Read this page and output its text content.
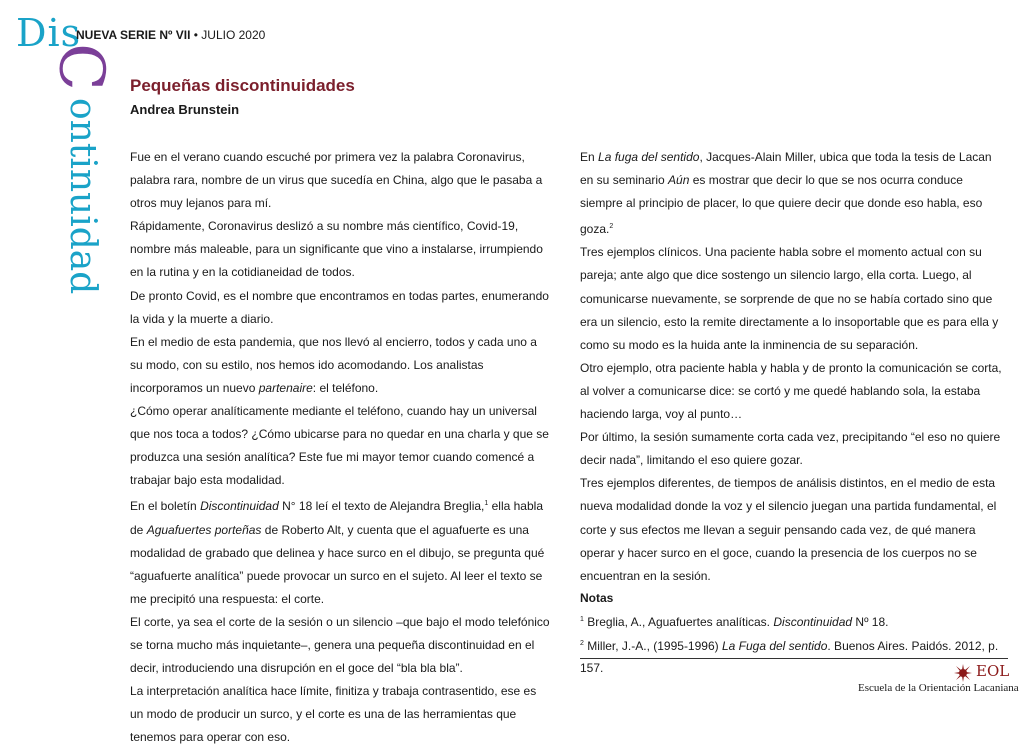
Dis
C
ontinuidad
NUEVA SERIE Nº VII • JULIO 2020
Pequeñas discontinuidades
Andrea Brunstein

Fue en el verano cuando escuché por primera vez la palabra Coronavirus, palabra rara, nombre de un virus que sucedía en China, algo que le pasaba a otros muy lejanos para mí.

Rápidamente, Coronavirus deslizó a su nombre más científico, Covid-19, nombre más maleable, para un significante que vino a instalarse, irrumpiendo en la rutina y en la cotidianeidad de todos.

De pronto Covid, es el nombre que encontramos en todas partes, enumerando la vida y la muerte a diario.

En el medio de esta pandemia, que nos llevó al encierro, todos y cada uno a su modo, con su estilo, nos hemos ido acomodando. Los analistas incorporamos un nuevo partenaire: el teléfono.

¿Cómo operar analíticamente mediante el teléfono, cuando hay un universal que nos toca a todos? ¿Cómo ubicarse para no quedar en una charla y que se produzca una sesión analítica? Este fue mi mayor temor cuando comencé a trabajar bajo esta modalidad.

En el boletín Discontinuidad N° 18 leí el texto de Alejandra Breglia,$^1$ ella habla de Aguafuertes porteñas de Roberto Alt, y cuenta que el aguafuerte es una modalidad de grabado que delinea y hace surco en el dibujo, se pregunta qué “aguafuerte analítica” puede provocar un surco en el sujeto. Al leer el texto se me precipitó una respuesta: el corte.

El corte, ya sea el corte de la sesión o un silencio –que bajo el modo telefónico se torna mucho más inquietante–, genera una pequeña discontinuidad en el decir, introduciendo una disrupción en el goce del “bla bla bla”.

La interpretación analítica hace límite, finitiza y trabaja contrasentido, ese es un modo de producir un surco, y el corte es una de las herramientas que tenemos para operar con eso.

En La fuga del sentido, Jacques-Alain Miller, ubica que toda la tesis de Lacan en su seminario Aún es mostrar que decir lo que se nos ocurra conduce siempre al principio de placer, lo que quiere decir que donde eso habla, eso goza.$^2$

Tres ejemplos clínicos. Una paciente habla sobre el momento actual con su pareja; ante algo que dice sostengo un silencio largo, ella corta. Luego, al comunicarse nuevamente, se sorprende de que no se había cortado sino que era un silencio, esto la remite directamente a lo insoportable que es para ella y como su modo es la huida ante la inminencia de su separación.

Otro ejemplo, otra paciente habla y habla y de pronto la comunicación se corta, al volver a comunicarse dice: se cortó y me quedé hablando sola, la estaba haciendo larga, voy al punto…

Por último, la sesión sumamente corta cada vez, precipitando “el eso no quiere decir nada”, limitando el eso quiere gozar.

Tres ejemplos diferentes, de tiempos de análisis distintos, en el medio de esta nueva modalidad donde la voz y el silencio juegan una partida fundamental, el corte y sus efectos me llevan a seguir pensando cada vez, de qué manera operar y hacer surco en el goce, cuando la presencia de los cuerpos no se encuentran en la sesión.

Notas

$^1$ Breglia, A., Aguafuertes analíticas. Discontinuidad Nº 18.

$^2$ Miller, J.-A., (1995-1996) La Fuga del sentido. Buenos Aires. Paidós. 2012, p. 157.	EOL
Escuela de la Orientación Lacaniana
